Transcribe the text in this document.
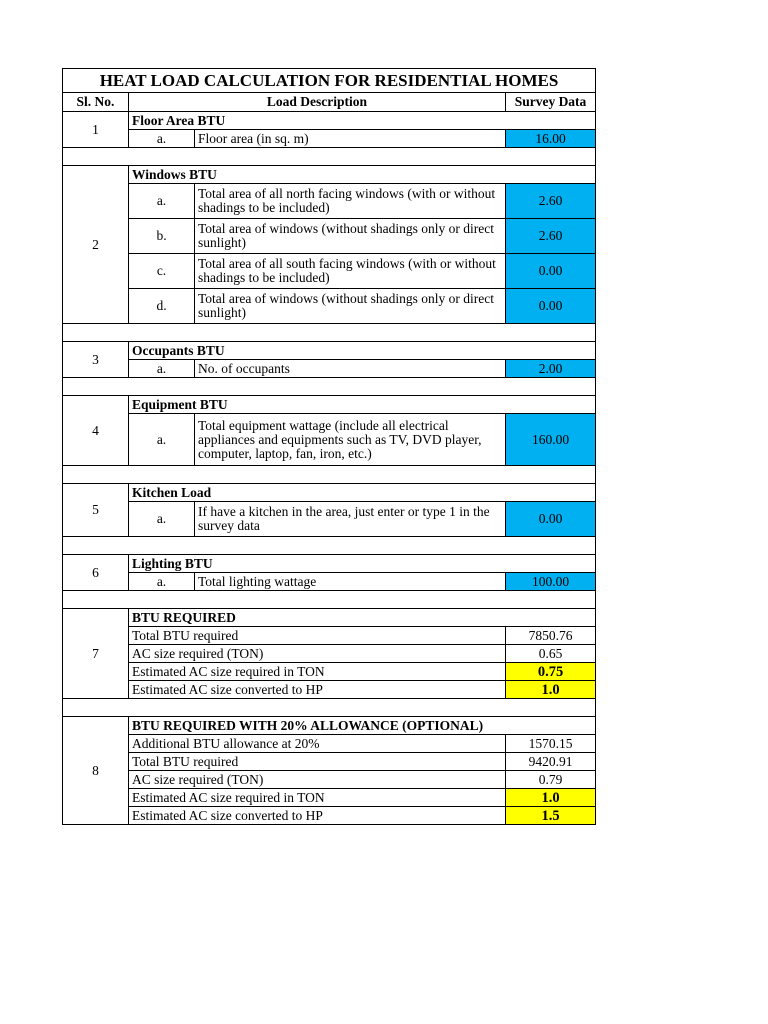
HEAT LOAD CALCULATION FOR RESIDENTIAL HOMES			
Sl. No.	Load Description		Survey Data
1	Floor Area BTU		
	a.	Floor area (in sq. m)	16.00

2	Windows BTU		
	a.	Total area of all north facing windows (with or without shadings to be included)	2.60
	b.	Total area of windows (without shadings only or direct sunlight)	2.60
	c.	Total area of all south facing windows (with or without shadings to be included)	0.00
	d.	Total area of windows (without shadings only or direct sunlight)	0.00

3	Occupants BTU		
	a.	No. of occupants	2.00

4	Equipment BTU		
	a.	Total equipment wattage (include all electrical appliances and equipments such as TV, DVD player, computer, laptop, fan, iron, etc.)	160.00

5	Kitchen Load		
	a.	If have a kitchen in the area, just enter or type 1 in the survey data	0.00

6	Lighting BTU		
	a.	Total lighting wattage	100.00

7	BTU REQUIRED		
	Total BTU required		7850.76
	AC size required (TON)		0.65
	Estimated AC size required in TON		0.75
	Estimated AC size converted to HP		1.0

8	BTU REQUIRED WITH 20% ALLOWANCE (OPTIONAL)		
	Additional BTU allowance at 20%		1570.15
	Total BTU required		9420.91
	AC size required (TON)		0.79
	Estimated AC size required in TON		1.0
	Estimated AC size converted to HP		1.5
